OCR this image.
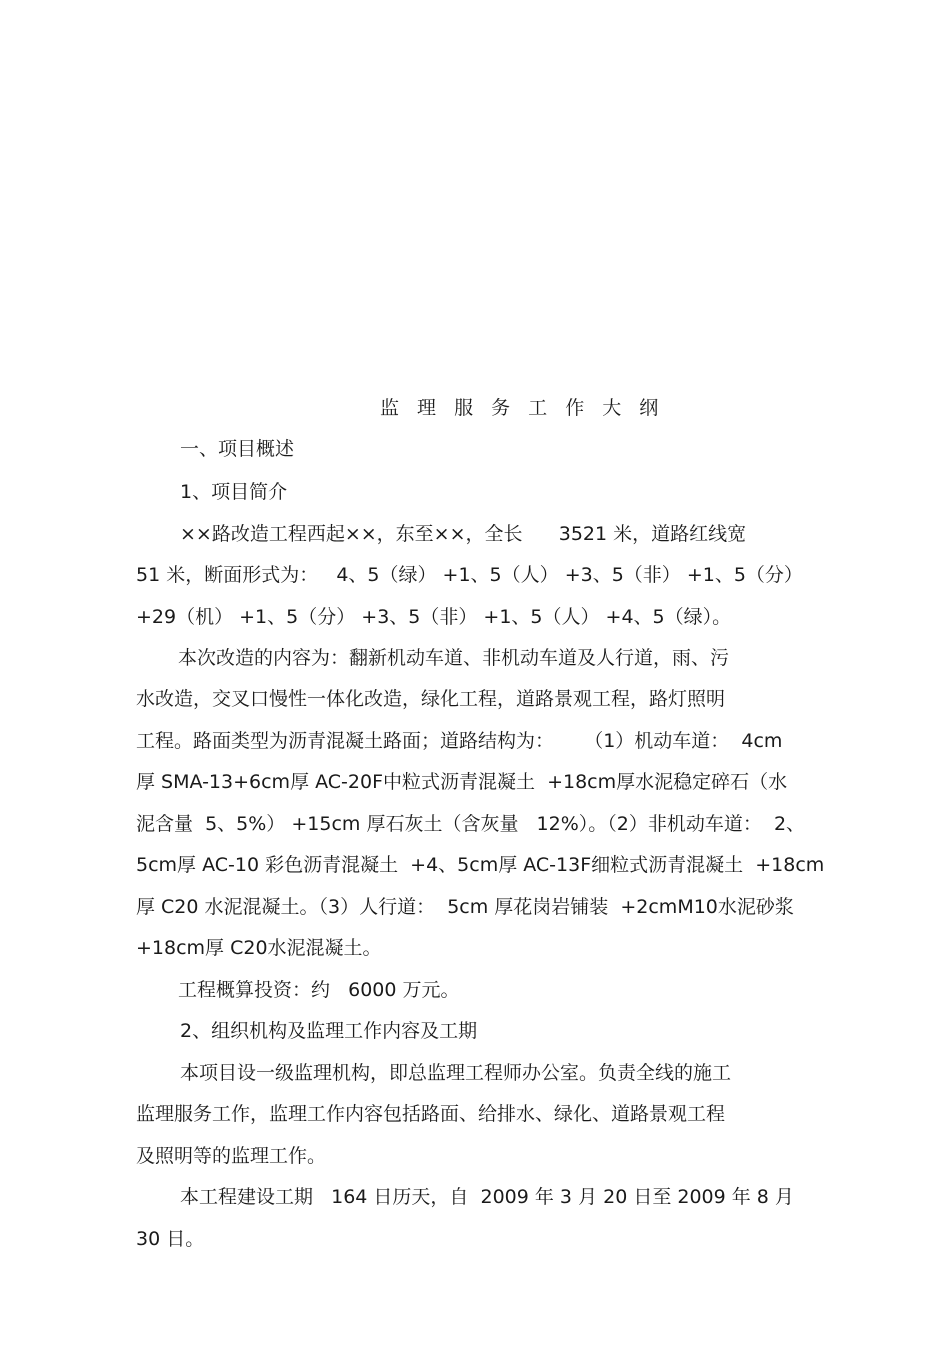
监 理 服 务 工 作 大 纲

一、项目概述

1、项目简介

××路改造工程西起××，东至××，全长      3521 米，道路红线宽

51 米，断面形式为：   4、5（绿） +1、5（人） +3、5（非） +1、5（分）

+29（机） +1、5（分） +3、5（非） +1、5（人） +4、5（绿）。

本次改造的内容为：翻新机动车道、非机动车道及人行道，雨、污

水改造，交叉口慢性一体化改造，绿化工程，道路景观工程，路灯照明

工程。路面类型为沥青混凝土路面；道路结构为：     （1）机动车道：  4cm

厚 SMA-13+6cm厚 AC-20F中粒式沥青混凝土  +18cm厚水泥稳定碎石（水

泥含量  5、5%） +15cm 厚石灰土（含灰量   12%）。（2）非机动车道：  2、

5cm厚 AC-10 彩色沥青混凝土  +4、5cm厚 AC-13F细粒式沥青混凝土  +18cm

厚 C20 水泥混凝土。（3）人行道：  5cm 厚花岗岩铺装  +2cmM10水泥砂浆

+18cm厚 C20水泥混凝土。

工程概算投资：约   6000 万元。

2、组织机构及监理工作内容及工期

本项目设一级监理机构，即总监理工程师办公室。负责全线的施工

监理服务工作，监理工作内容包括路面、给排水、绿化、道路景观工程

及照明等的监理工作。

本工程建设工期   164 日历天，自  2009 年 3 月 20 日至 2009 年 8 月

30 日。
